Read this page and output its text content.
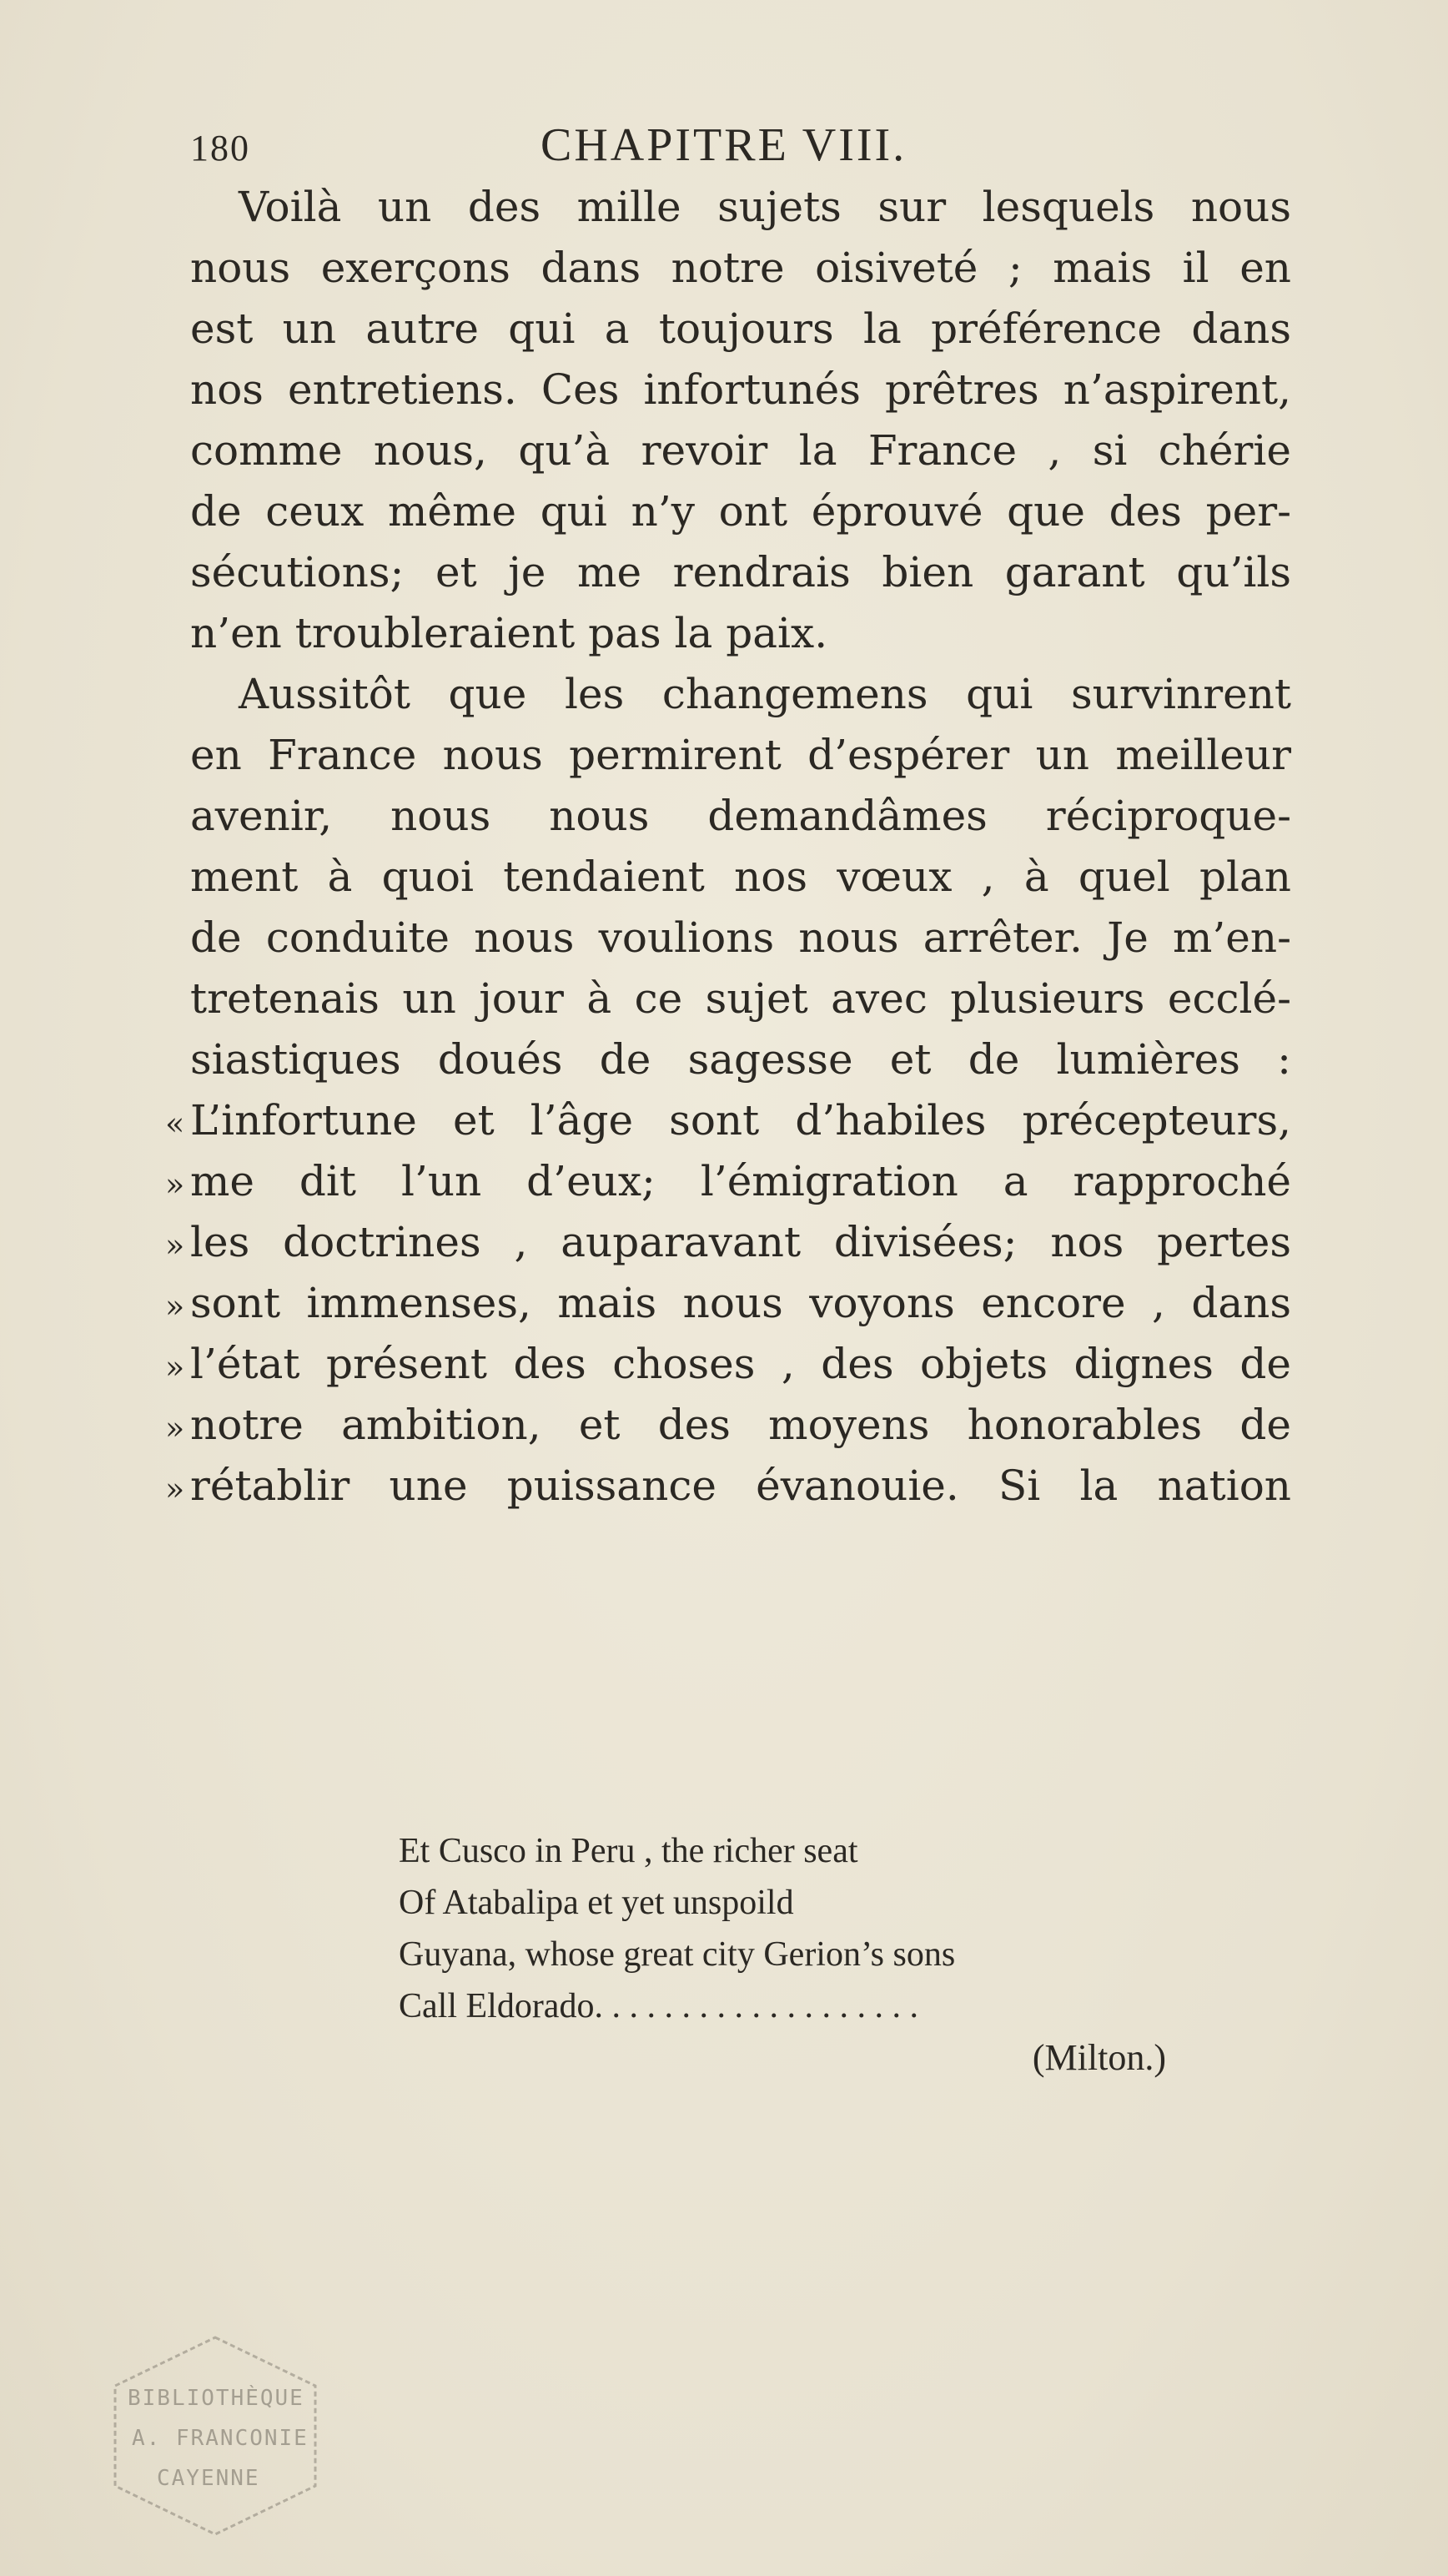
180	CHAPITRE VIII.
Voilà un des mille sujets sur lesquels nous
nous exerçons dans notre oisiveté ; mais il en
est un autre qui a toujours la préférence dans
nos entretiens. Ces infortunés prêtres n’aspirent,
comme nous, qu’à revoir la France , si chérie
de ceux même qui n’y ont éprouvé que des per-
sécutions; et je me rendrais bien garant qu’ils
n’en troubleraient pas la paix.
Aussitôt que les changemens qui survinrent
en France nous permirent d’espérer un meilleur
avenir, nous nous demandâmes réciproque-
ment à quoi tendaient nos vœux , à quel plan
de conduite nous voulions nous arrêter. Je m’en-
tretenais un jour à ce sujet avec plusieurs ecclé-
siastiques doués de sagesse et de lumières :
« L’infortune et l’âge sont d’habiles précepteurs,
» me dit l’un d’eux; l’émigration a rapproché
» les doctrines , auparavant divisées; nos pertes
» sont immenses, mais nous voyons encore , dans
» l’état présent des choses , des objets dignes de
» notre ambition, et des moyens honorables de
» rétablir une puissance évanouie. Si la nation
Et Cusco in Peru , the richer seat
Of Atabalipa et yet unspoild
Guyana, whose great city Gerion’s sons
Call Eldorado. . . . . . . . . . . . . . . . . . .
(Milton.)
BIBLIOTHÈQUE
A. FRANCONIE
CAYENNE
